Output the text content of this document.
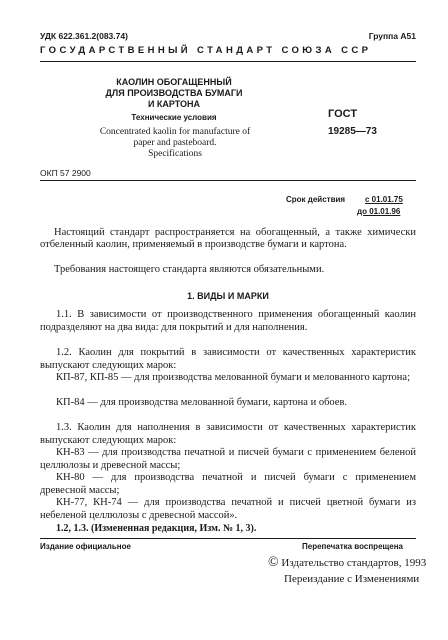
УДК 622.361.2(083.74)	Группа А51
ГОСУДАРСТВЕННЫЙ СТАНДАРТ СОЮЗА ССР
КАОЛИН ОБОГАЩЕННЫЙ
ДЛЯ ПРОИЗВОДСТВА БУМАГИ
И КАРТОНА
Технические условия
Concentrated kaolin for manufacture of
paper and pasteboard.
Specifications
ГОСТ
19285—73
ОКП 57 2900
Срок действия с 01.01.75
до 01.01.96
Настоящий стандарт распространяется на обогащенный, а также химически отбеленный каолин, применяемый в производстве бумаги и картона.
Требования настоящего стандарта являются обязательными.
1. ВИДЫ И МАРКИ
1.1. В зависимости от производственного применения обогащенный каолин подразделяют на два вида: для покрытий и для наполнения.
1.2. Каолин для покрытий в зависимости от качественных характеристик выпускают следующих марок:
КП-87, КП-85 — для производства мелованной бумаги и мелованного картона;
КП-84 — для производства мелованной бумаги, картона и обоев.
1.3. Каолин для наполнения в зависимости от качественных характеристик выпускают следующих марок:
КН-83 — для производства печатной и писчей бумаги с применением беленой целлюлозы и древесной массы;
КН-80 — для производства печатной и писчей бумаги с применением древесной массы;
КН-77, КН-74 — для производства печатной и писчей цветной бумаги из небеленой целлюлозы с древесной массой».
1.2, 1.3. (Измененная редакция, Изм. № 1, 3).
Издание официальное	Перепечатка воспрещена
© Издательство стандартов, 1993
Переиздание с Изменениями
